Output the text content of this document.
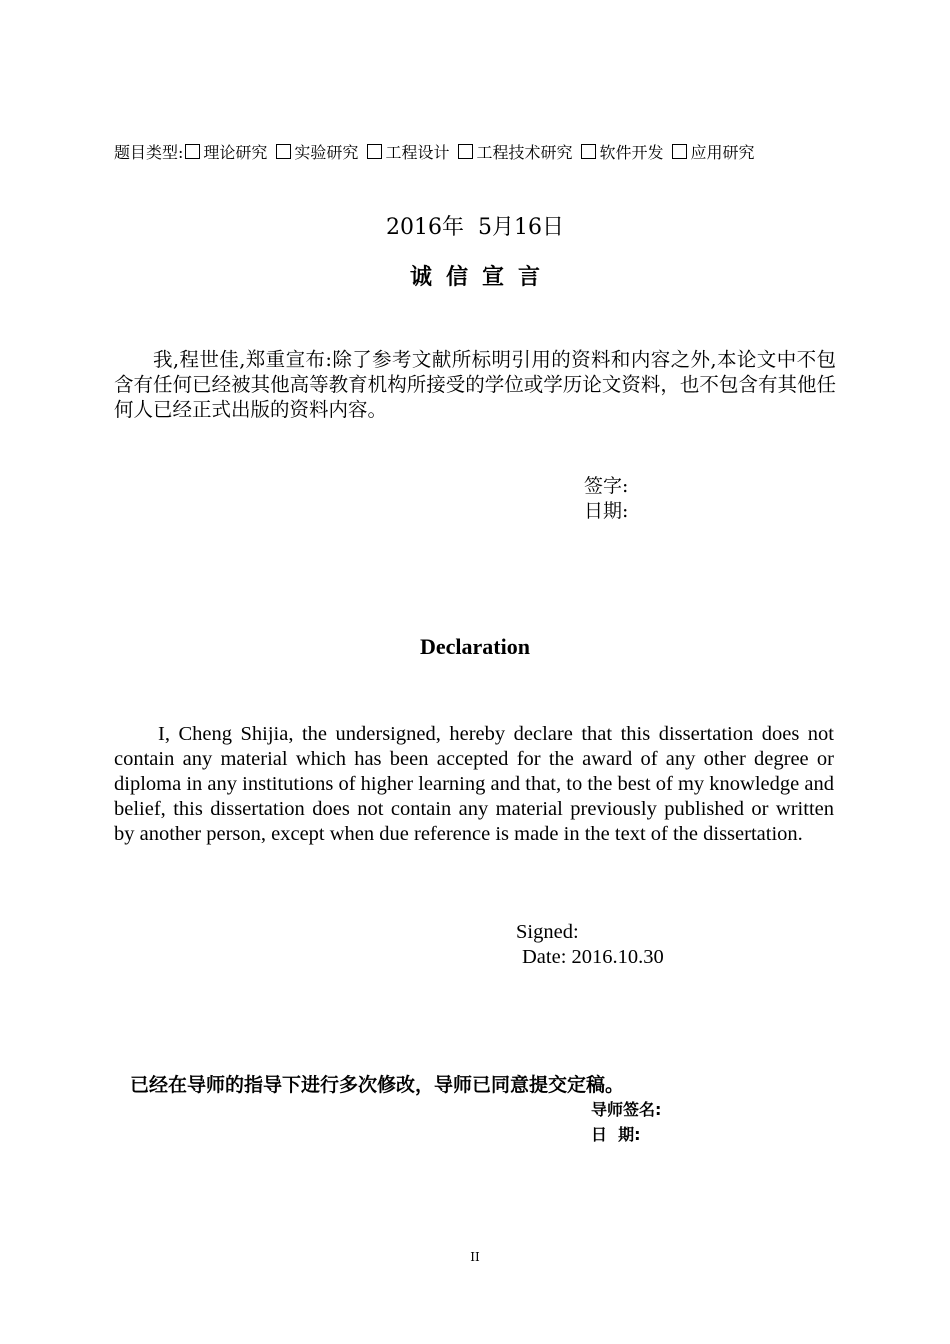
题目类型: 理论研究 实验研究 工程设计 工程技术研究 软件开发 应用研究
2016年  5月16日
诚信宣言
我,程世佳,郑重宣布:除了参考文献所标明引用的资料和内容之外,本论文中不包含有任何已经被其他高等教育机构所接受的学位或学历论文资料，也不包含有其他任何人已经正式出版的资料内容。
签字:
日期:
Declaration
I, Cheng Shijia, the undersigned, hereby declare that this dissertation does not contain any material which has been accepted for the award of any other degree or diploma in any institutions of higher learning and that, to the best of my knowledge and belief, this dissertation does not contain any material previously published or written by another person, except when due reference is made in the text of the dissertation.
Signed:
Date: 2016.10.30
已经在导师的指导下进行多次修改，导师已同意提交定稿。
导师签名:
日  期:
II
